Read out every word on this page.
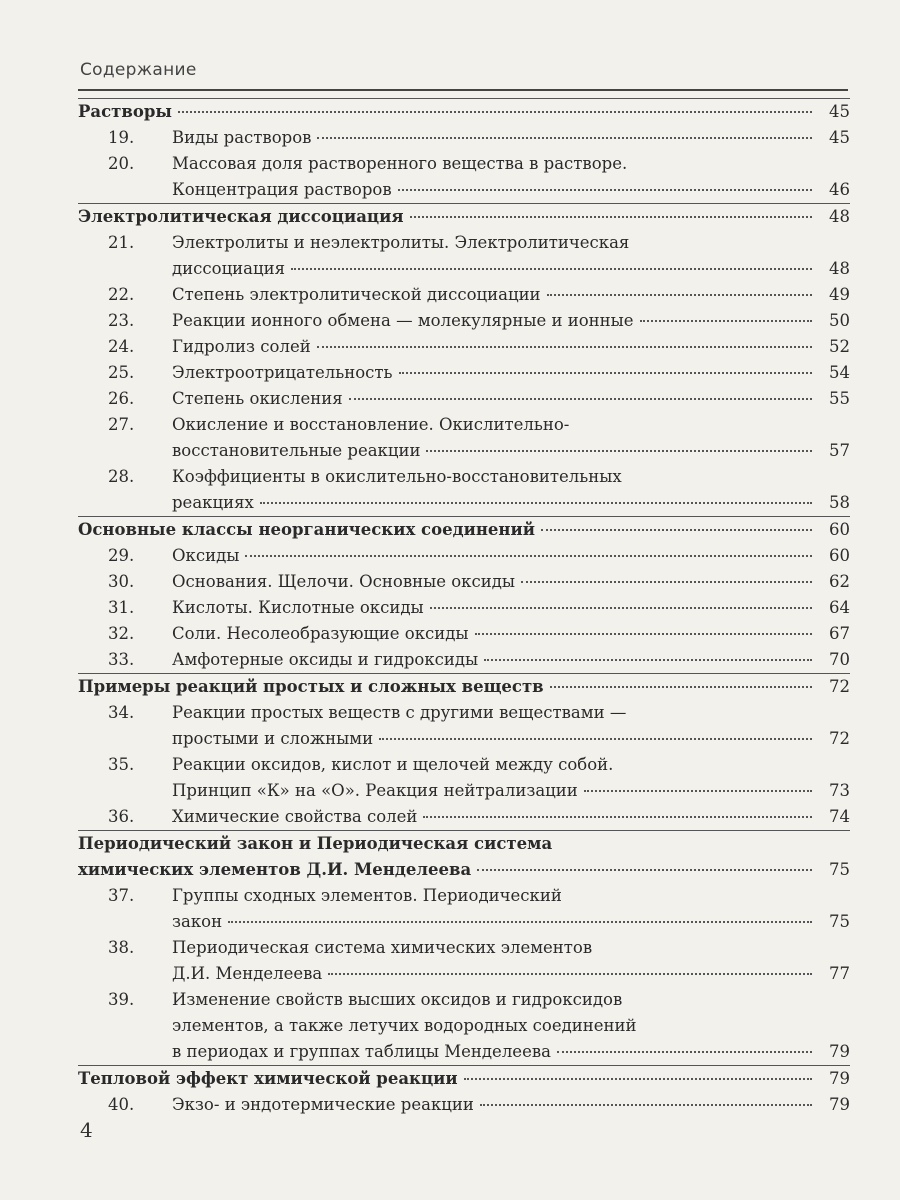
Содержание
Растворы	45
19.	Виды растворов	45
20.	Массовая доля растворенного вещества в растворе.
Концентрация растворов	46
Электролитическая диссоциация	48
21.	Электролиты и неэлектролиты. Электролитическая
диссоциация	48
22.	Степень электролитической диссоциации	49
23.	Реакции ионного обмена — молекулярные и ионные	50
24.	Гидролиз солей	52
25.	Электроотрицательность	54
26.	Степень окисления	55
27.	Окисление и восстановление. Окислительно-
восстановительные реакции	57
28.	Коэффициенты в окислительно-восстановительных
реакциях	58
Основные классы неорганических соединений	60
29.	Оксиды	60
30.	Основания. Щелочи. Основные оксиды	62
31.	Кислоты. Кислотные оксиды	64
32.	Соли. Несолеобразующие оксиды	67
33.	Амфотерные оксиды и гидроксиды	70
Примеры реакций простых и сложных веществ	72
34.	Реакции простых веществ с другими веществами —
простыми и сложными	72
35.	Реакции оксидов, кислот и щелочей между собой.
Принцип «К» на «О». Реакция нейтрализации	73
36.	Химические свойства солей	74
Периодический закон и Периодическая система
химических элементов Д.И. Менделеева	75
37.	Группы сходных элементов. Периодический
закон	75
38.	Периодическая система химических элементов
Д.И. Менделеева	77
39.	Изменение свойств высших оксидов и гидроксидов
элементов, а также летучих водородных соединений
в периодах и группах таблицы Менделеева	79
Тепловой эффект химической реакции	79
40.	Экзо- и эндотермические реакции	79
4
